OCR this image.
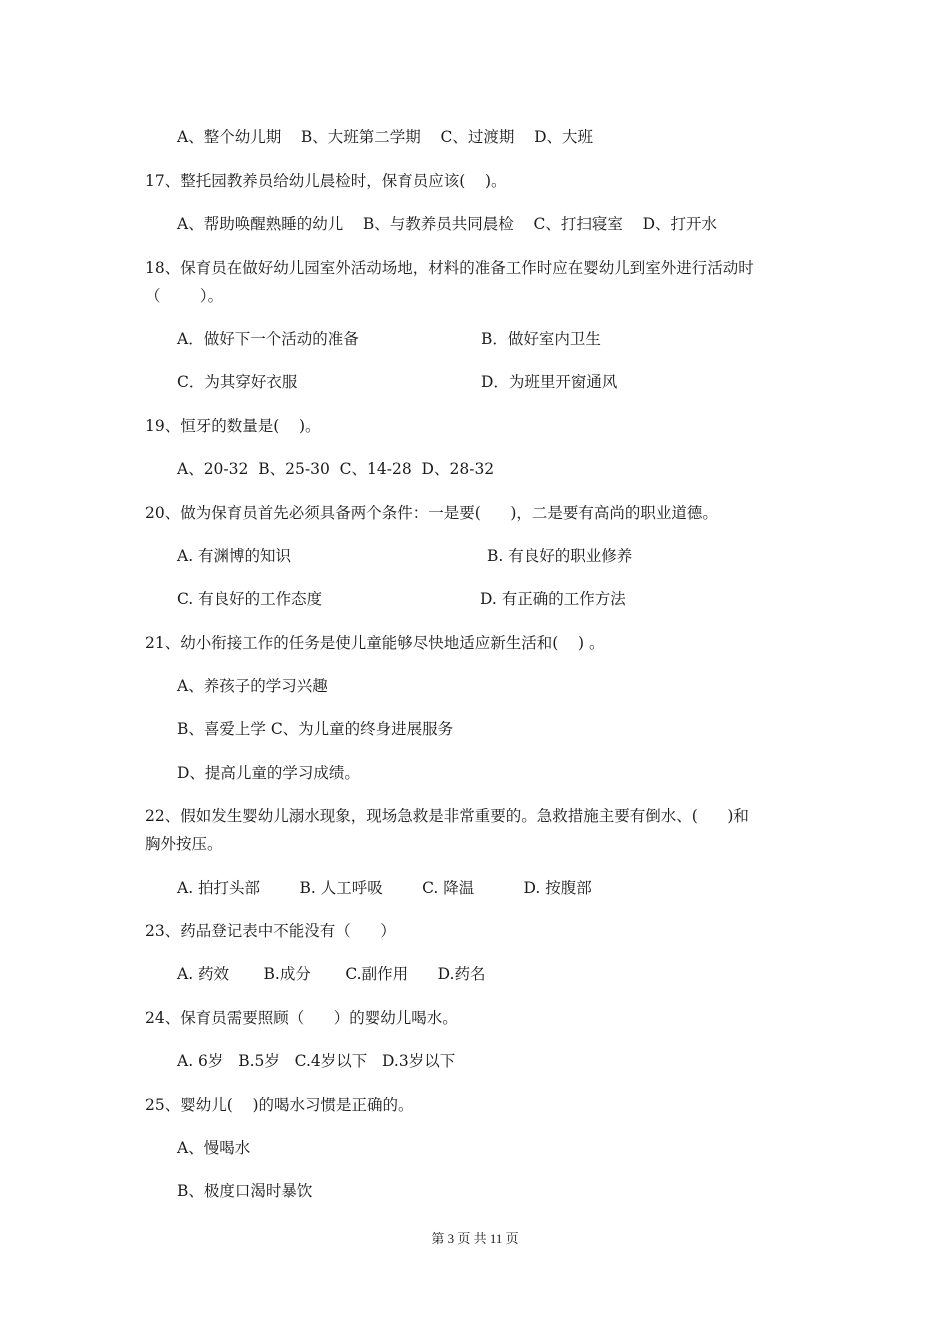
A、整个幼儿期    B、大班第二学期    C、过渡期    D、大班
17、整托园教养员给幼儿晨检时，保育员应该(    )。
A、帮助唤醒熟睡的幼儿    B、与教养员共同晨检    C、打扫寝室    D、打开水
18、保育员在做好幼儿园室外活动场地，材料的准备工作时应在婴幼儿到室外进行活动时
（        ）。
A．做好下一个活动的准备	B．做好室内卫生
C．为其穿好衣服	D．为班里开窗通风
19、恒牙的数量是(    )。
A、20-32  B、25-30  C、14-28  D、28-32
20、做为保育员首先必须具备两个条件：一是要(      )，二是要有高尚的职业道德。
A. 有渊博的知识	B. 有良好的职业修养
C. 有良好的工作态度	D. 有正确的工作方法
21、幼小衔接工作的任务是使儿童能够尽快地适应新生活和(    ) 。
A、养孩子的学习兴趣
B、喜爱上学 C、为儿童的终身进展服务
D、提高儿童的学习成绩。
22、假如发生婴幼儿溺水现象，现场急救是非常重要的。急救措施主要有倒水、(      )和
胸外按压。
A. 拍打头部        B. 人工呼吸        C. 降温          D. 按腹部
23、药品登记表中不能没有（      ）
A. 药效       B.成分       C.副作用      D.药名
24、保育员需要照顾（      ）的婴幼儿喝水。
A. 6岁   B.5岁   C.4岁以下   D.3岁以下
25、婴幼儿(    )的喝水习惯是正确的。
A、慢喝水
B、极度口渴时暴饮
第 3 页 共 11 页
